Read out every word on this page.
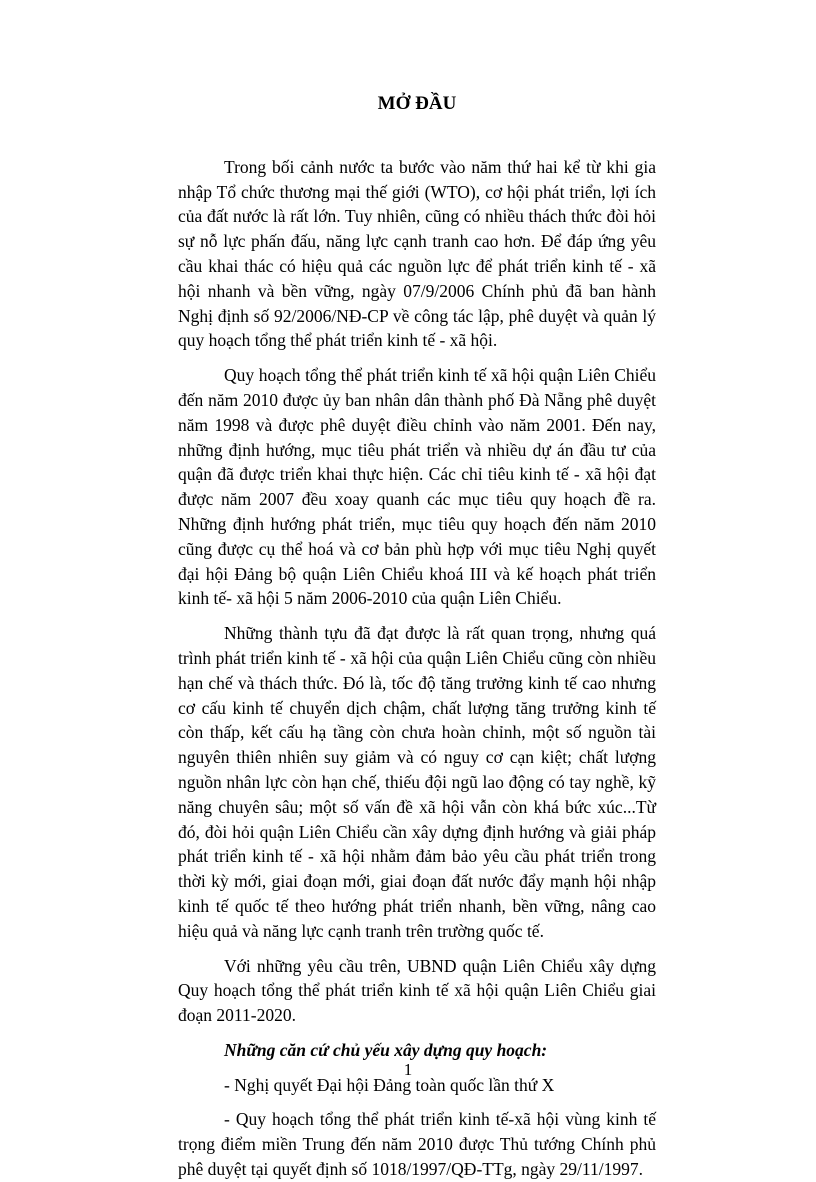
MỞ ĐẦU

Trong bối cảnh nước ta bước vào năm thứ hai kể từ khi gia nhập Tổ chức thương mại thế giới (WTO), cơ hội phát triển, lợi ích của đất nước là rất lớn. Tuy nhiên, cũng có nhiều thách thức đòi hỏi sự nỗ lực phấn đấu, năng lực cạnh tranh cao hơn. Để đáp ứng yêu cầu khai thác có hiệu quả các nguồn lực để phát triển kinh tế - xã hội nhanh và bền vững, ngày 07/9/2006 Chính phủ đã ban hành Nghị định số 92/2006/NĐ-CP về công tác lập, phê duyệt và quản lý quy hoạch tổng thể phát triển kinh tế - xã hội.

Quy hoạch tổng thể phát triển kinh tế xã hội quận Liên Chiểu đến năm 2010 được ủy ban nhân dân thành phố Đà Nẵng phê duyệt năm 1998 và được phê duyệt điều chỉnh vào năm 2001. Đến nay, những định hướng, mục tiêu phát triển và nhiều dự án đầu tư của quận đã được triển khai thực hiện. Các chỉ tiêu kinh tế - xã hội đạt được năm 2007 đều xoay quanh các mục tiêu quy hoạch đề ra. Những định hướng phát triển, mục tiêu quy hoạch đến năm 2010 cũng được cụ thể hoá và cơ bản phù hợp với mục tiêu Nghị quyết đại hội Đảng bộ quận Liên Chiểu khoá III và kế hoạch phát triển kinh tế- xã hội 5 năm 2006-2010 của quận Liên Chiểu.

Những thành tựu đã đạt được là rất quan trọng, nhưng quá trình phát triển kinh tế - xã hội của quận Liên Chiểu cũng còn nhiều hạn chế và thách thức. Đó là, tốc độ tăng trưởng kinh tế cao nhưng cơ cấu kinh tế chuyển dịch chậm, chất lượng tăng trưởng kinh tế còn thấp, kết cấu hạ tầng còn chưa hoàn chỉnh, một số nguồn tài nguyên thiên nhiên suy giảm và có nguy cơ cạn kiệt; chất lượng nguồn nhân lực còn hạn chế, thiếu đội ngũ lao động có tay nghề, kỹ năng chuyên sâu; một số vấn đề xã hội vẫn còn khá bức xúc...Từ đó, đòi hỏi quận Liên Chiểu cần xây dựng định hướng và giải pháp phát triển kinh tế - xã hội nhằm đảm bảo yêu cầu phát triển trong thời kỳ mới, giai đoạn mới, giai đoạn đất nước đẩy mạnh hội nhập kinh tế quốc tế theo hướng phát triển nhanh, bền vững, nâng cao hiệu quả và năng lực cạnh tranh trên trường quốc tế.

Với những yêu cầu trên, UBND quận Liên Chiểu xây dựng Quy hoạch tổng thể phát triển kinh tế xã hội quận Liên Chiểu giai đoạn 2011-2020.

Những căn cứ chủ yếu xây dựng quy hoạch:

- Nghị quyết Đại hội Đảng toàn quốc lần thứ X

- Quy hoạch tổng thể phát triển kinh tế-xã hội vùng kinh tế trọng điểm miền Trung đến năm 2010 được Thủ tướng Chính phủ phê duyệt tại quyết định số 1018/1997/QĐ-TTg, ngày 29/11/1997.

1
